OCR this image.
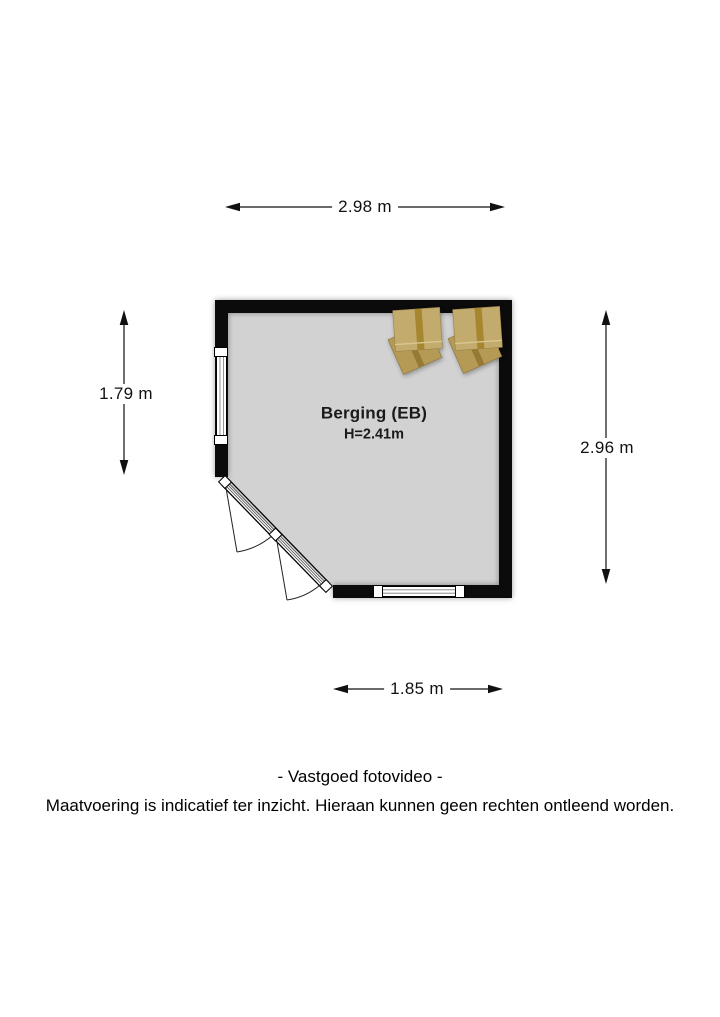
2.98 m
1.79 m
2.96 m
1.85 m
Berging (EB)
H=2.41m
- Vastgoed fotovideo -
Maatvoering is indicatief ter inzicht. Hieraan kunnen geen rechten ontleend worden.
